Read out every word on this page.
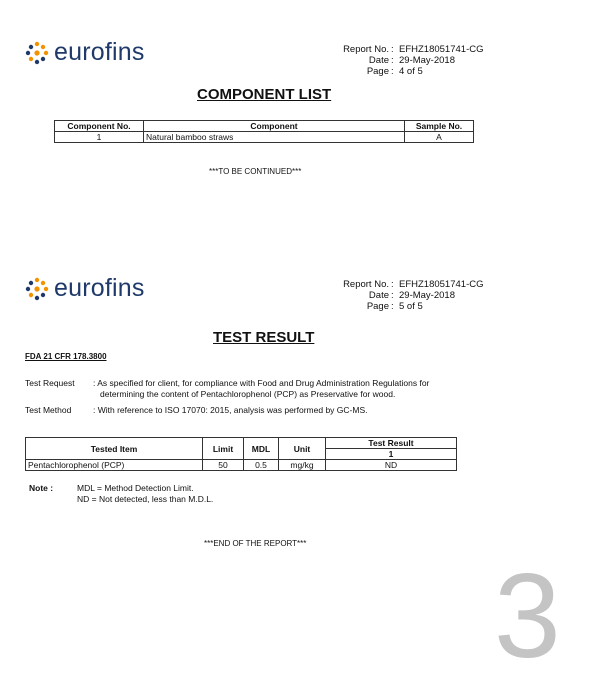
eurofins	Report No. : EFHZ18051741-CG
Date : 29-May-2018
Page : 4 of 5
COMPONENT LIST
Component No.	Component	Sample No.
1	Natural bamboo straws	A
***TO BE CONTINUED***
eurofins	Report No. : EFHZ18051741-CG
Date : 29-May-2018
Page : 5 of 5
TEST RESULT
FDA 21 CFR 178.3800
Test Request : As specified for client, for compliance with Food and Drug Administration Regulations for
determining the content of Pentachlorophenol (PCP) as Preservative for wood.
Test Method	: With reference to ISO 17070: 2015, analysis was performed by GC-MS.
Tested Item	Limit	MDL	Unit	Test Result
				1
Pentachlorophenol (PCP)	50	0.5	mg/kg	ND
Note :	MDL = Method Detection Limit.
ND = Not detected, less than M.D.L.
***END OF THE REPORT***
3
